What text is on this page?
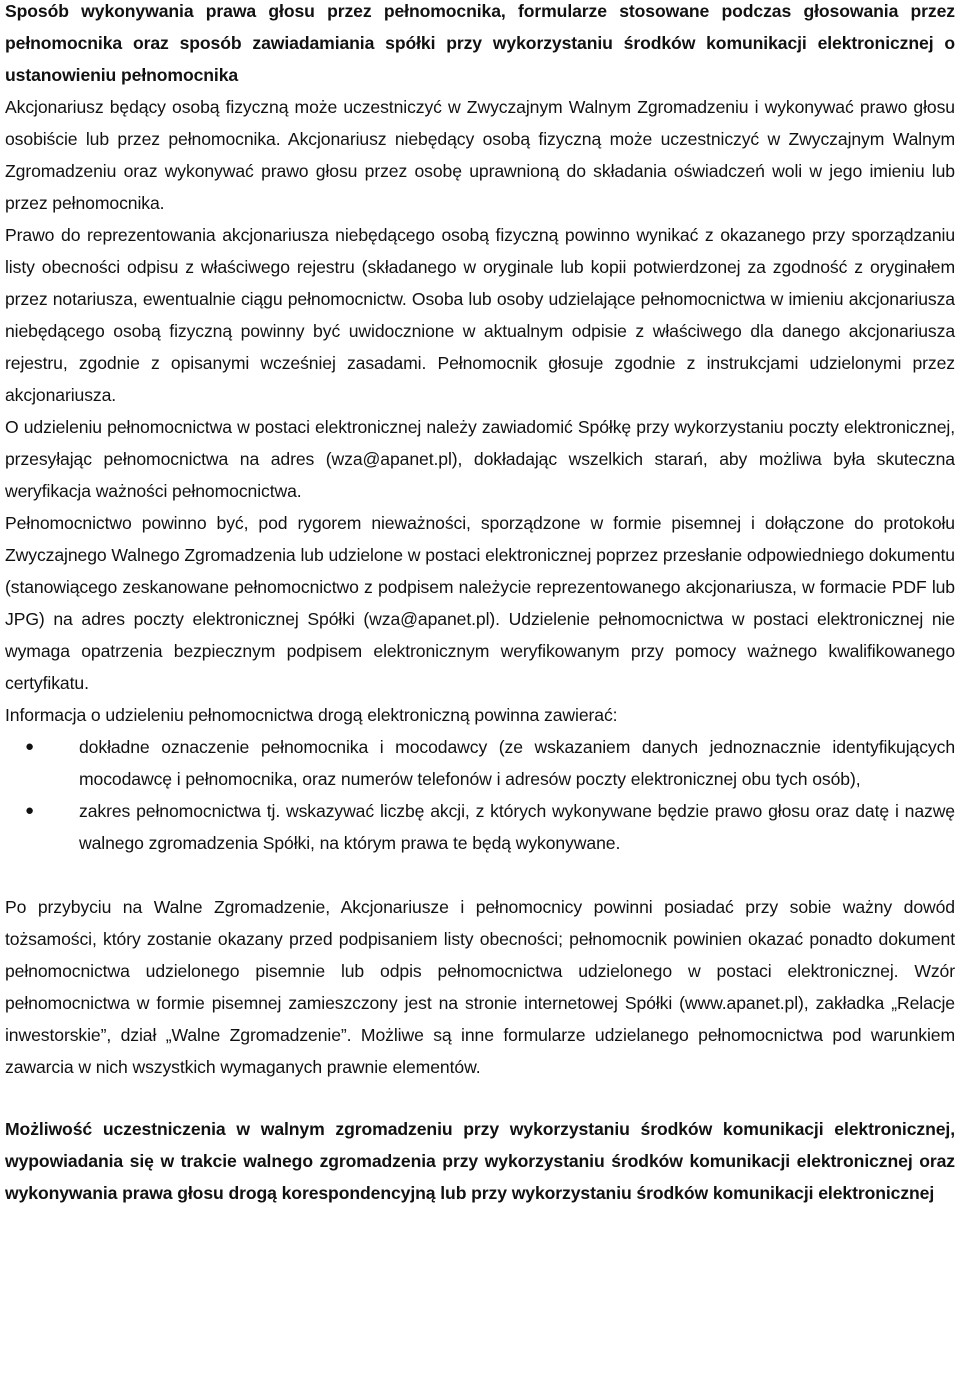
Sposób wykonywania prawa głosu przez pełnomocnika, formularze stosowane podczas głosowania przez pełnomocnika oraz sposób zawiadamiania spółki przy wykorzystaniu środków komunikacji elektronicznej o ustanowieniu pełnomocnika

Akcjonariusz będący osobą fizyczną może uczestniczyć w Zwyczajnym Walnym Zgromadzeniu i wykonywać prawo głosu osobiście lub przez pełnomocnika. Akcjonariusz niebędący osobą fizyczną może uczestniczyć w Zwyczajnym Walnym Zgromadzeniu oraz wykonywać prawo głosu przez osobę uprawnioną do składania oświadczeń woli w jego imieniu lub przez pełnomocnika.

Prawo do reprezentowania akcjonariusza niebędącego osobą fizyczną powinno wynikać z okazanego przy sporządzaniu listy obecności odpisu z właściwego rejestru (składanego w oryginale lub kopii potwierdzonej za zgodność z oryginałem przez notariusza, ewentualnie ciągu pełnomocnictw. Osoba lub osoby udzielające pełnomocnictwa w imieniu akcjonariusza niebędącego osobą fizyczną powinny być uwidocznione w aktualnym odpisie z właściwego dla danego akcjonariusza rejestru, zgodnie z opisanymi wcześniej zasadami. Pełnomocnik głosuje zgodnie z instrukcjami udzielonymi przez akcjonariusza.

O udzieleniu pełnomocnictwa w postaci elektronicznej należy zawiadomić Spółkę przy wykorzystaniu poczty elektronicznej, przesyłając pełnomocnictwa na adres (wza@apanet.pl), dokładając wszelkich starań, aby możliwa była skuteczna weryfikacja ważności pełnomocnictwa.

Pełnomocnictwo powinno być, pod rygorem nieważności, sporządzone w formie pisemnej i dołączone do protokołu Zwyczajnego Walnego Zgromadzenia lub udzielone w postaci elektronicznej poprzez przesłanie odpowiedniego dokumentu (stanowiącego zeskanowane pełnomocnictwo z podpisem należycie reprezentowanego akcjonariusza, w formacie PDF lub JPG) na adres poczty elektronicznej Spółki (wza@apanet.pl). Udzielenie pełnomocnictwa w postaci elektronicznej nie wymaga opatrzenia bezpiecznym podpisem elektronicznym weryfikowanym przy pomocy ważnego kwalifikowanego certyfikatu.

Informacja o udzieleniu pełnomocnictwa drogą elektroniczną powinna zawierać:

●	dokładne oznaczenie pełnomocnika i mocodawcy (ze wskazaniem danych jednoznacznie identyfikujących mocodawcę i pełnomocnika, oraz numerów telefonów i adresów poczty elektronicznej obu tych osób),
●	zakres pełnomocnictwa tj. wskazywać liczbę akcji, z których wykonywane będzie prawo głosu oraz datę i nazwę walnego zgromadzenia Spółki, na którym prawa te będą wykonywane.

Po przybyciu na Walne Zgromadzenie, Akcjonariusze i pełnomocnicy powinni posiadać przy sobie ważny dowód tożsamości, który zostanie okazany przed podpisaniem listy obecności; pełnomocnik powinien okazać ponadto dokument pełnomocnictwa udzielonego pisemnie lub odpis pełnomocnictwa udzielonego w postaci elektronicznej. Wzór pełnomocnictwa w formie pisemnej zamieszczony jest na stronie internetowej Spółki (www.apanet.pl), zakładka „Relacje inwestorskie”, dział „Walne Zgromadzenie”. Możliwe są inne formularze udzielanego pełnomocnictwa pod warunkiem zawarcia w nich wszystkich wymaganych prawnie elementów.

Możliwość uczestniczenia w walnym zgromadzeniu przy wykorzystaniu środków komunikacji elektronicznej, wypowiadania się w trakcie walnego zgromadzenia przy wykorzystaniu środków komunikacji elektronicznej oraz wykonywania prawa głosu drogą korespondencyjną lub przy wykorzystaniu środków komunikacji elektronicznej
